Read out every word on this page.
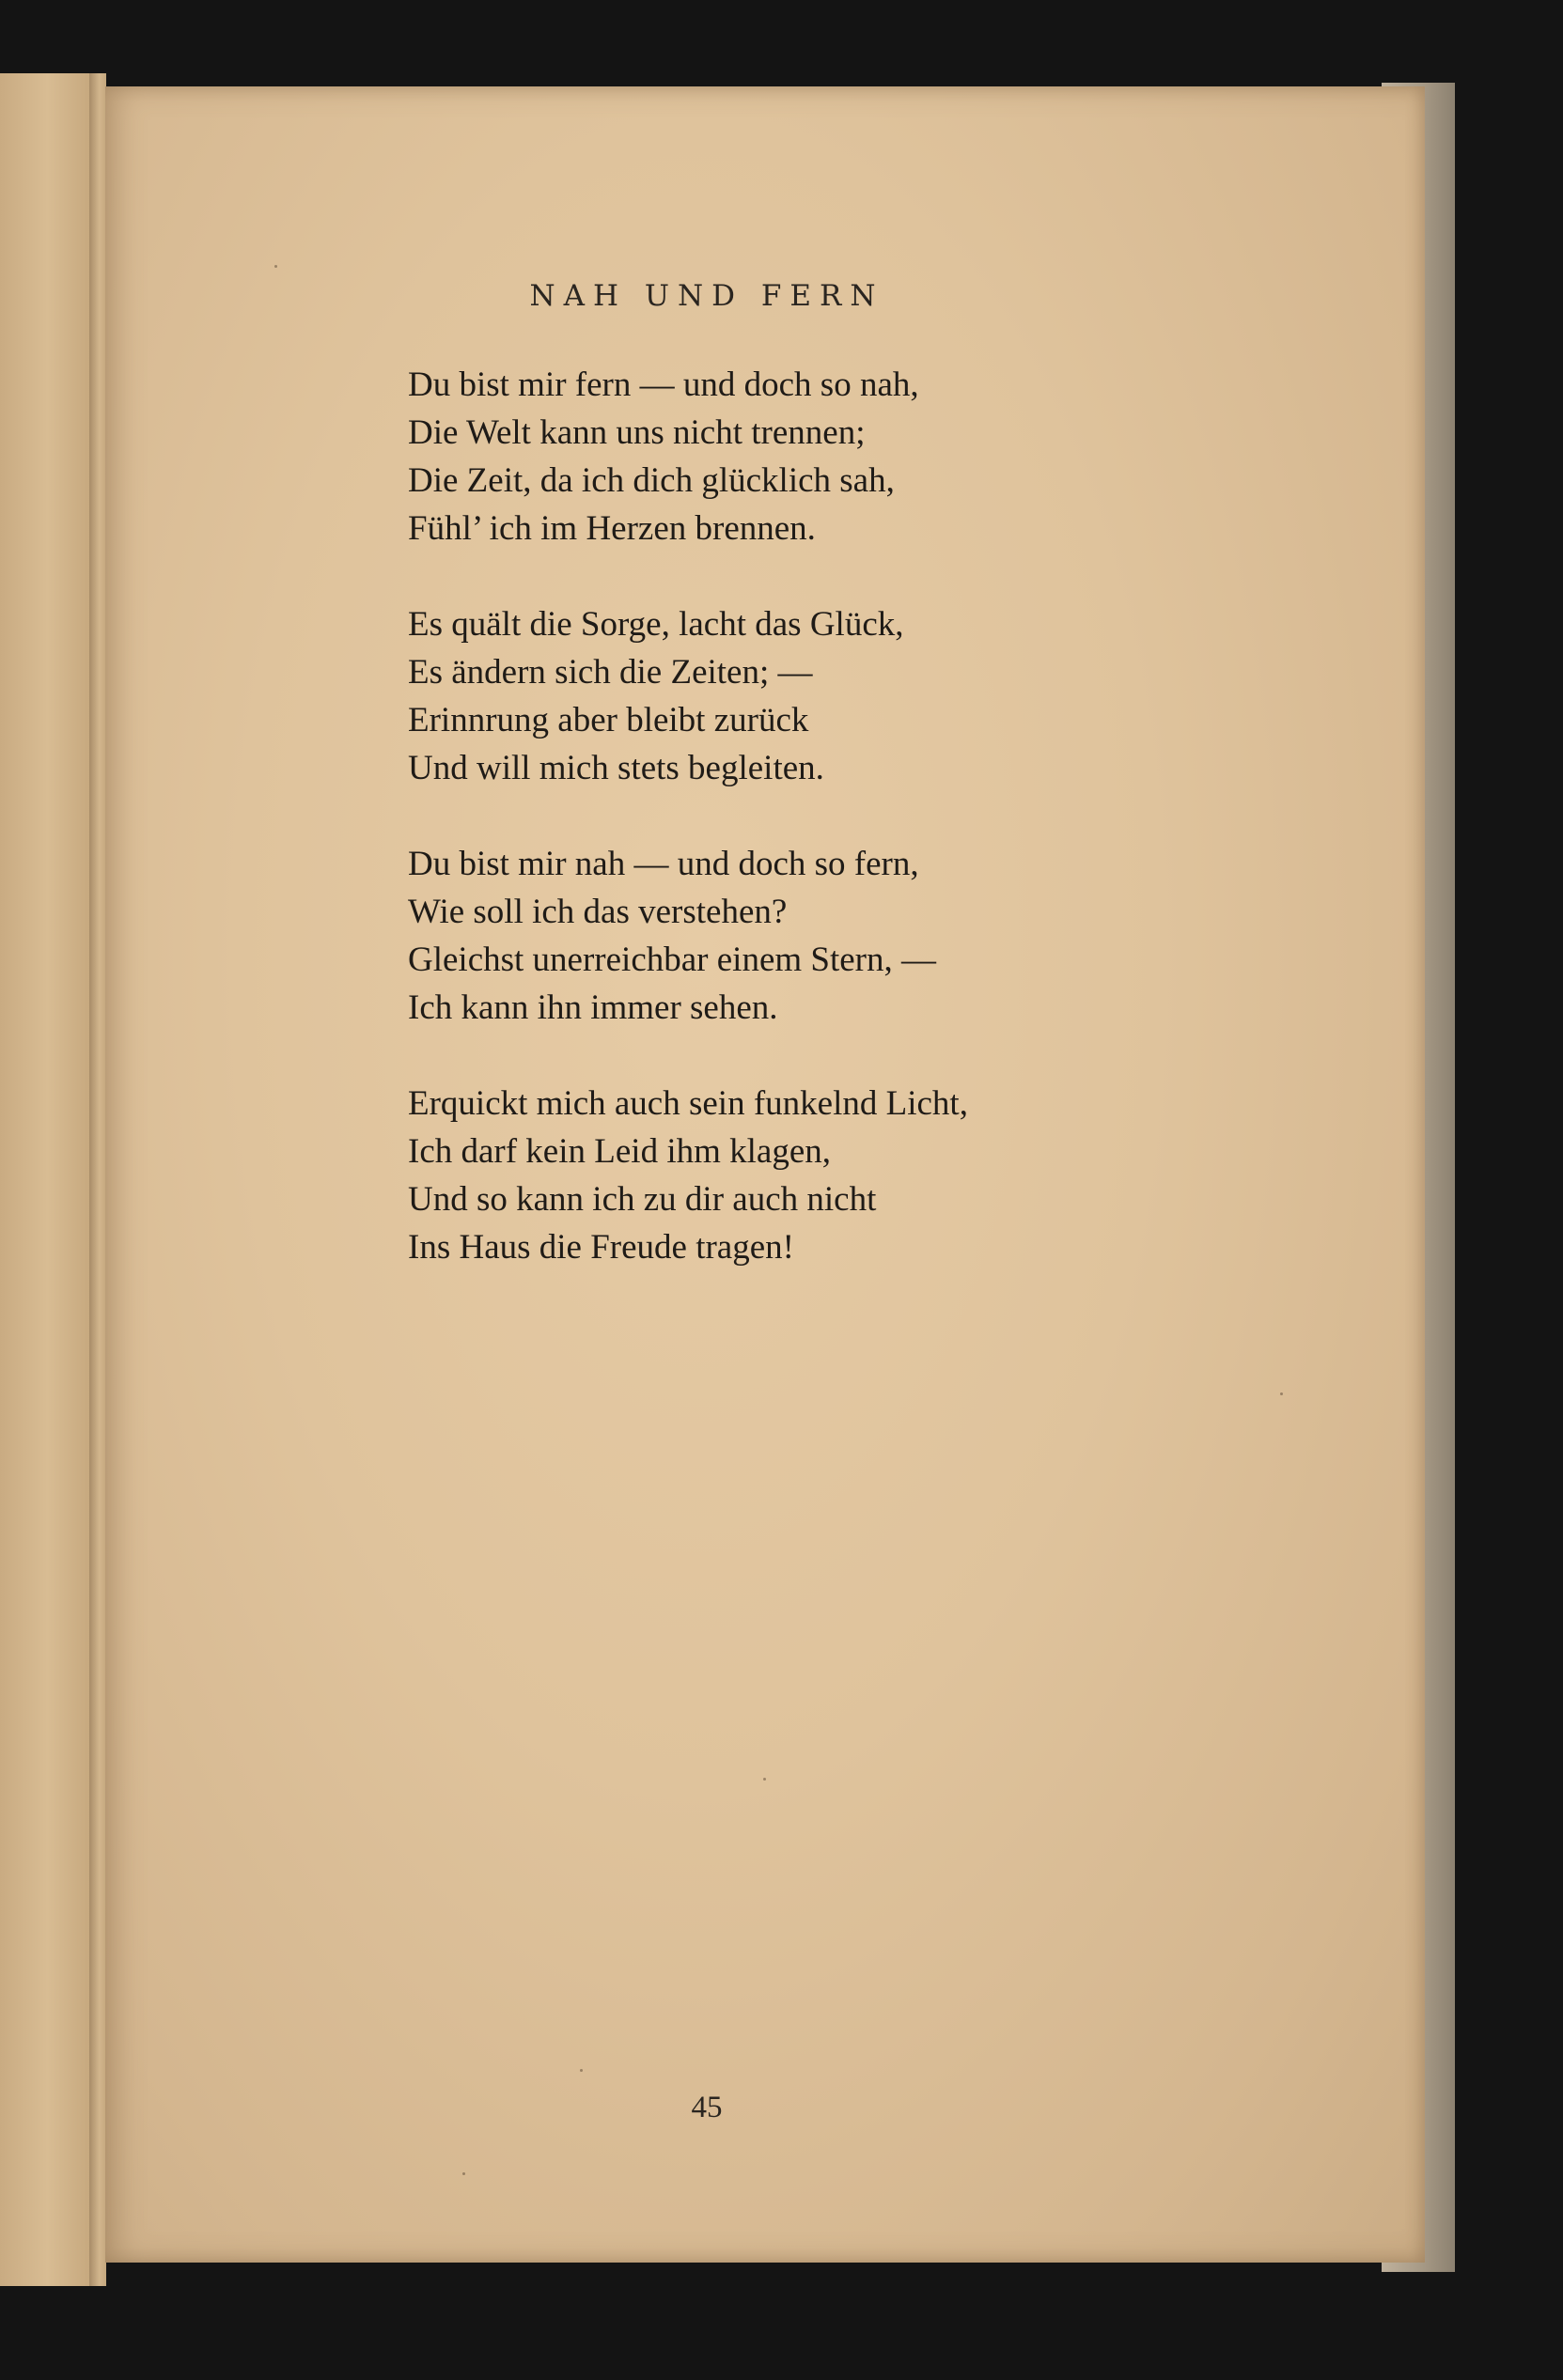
NAH UND FERN
Du bist mir fern — und doch so nah,
Die Welt kann uns nicht trennen;
Die Zeit, da ich dich glücklich sah,
Fühl’ ich im Herzen brennen.
Es quält die Sorge, lacht das Glück,
Es ändern sich die Zeiten; —
Erinnrung aber bleibt zurück
Und will mich stets begleiten.
Du bist mir nah — und doch so fern,
Wie soll ich das verstehen?
Gleichst unerreichbar einem Stern, —
Ich kann ihn immer sehen.
Erquickt mich auch sein funkelnd Licht,
Ich darf kein Leid ihm klagen,
Und so kann ich zu dir auch nicht
Ins Haus die Freude tragen!
45
